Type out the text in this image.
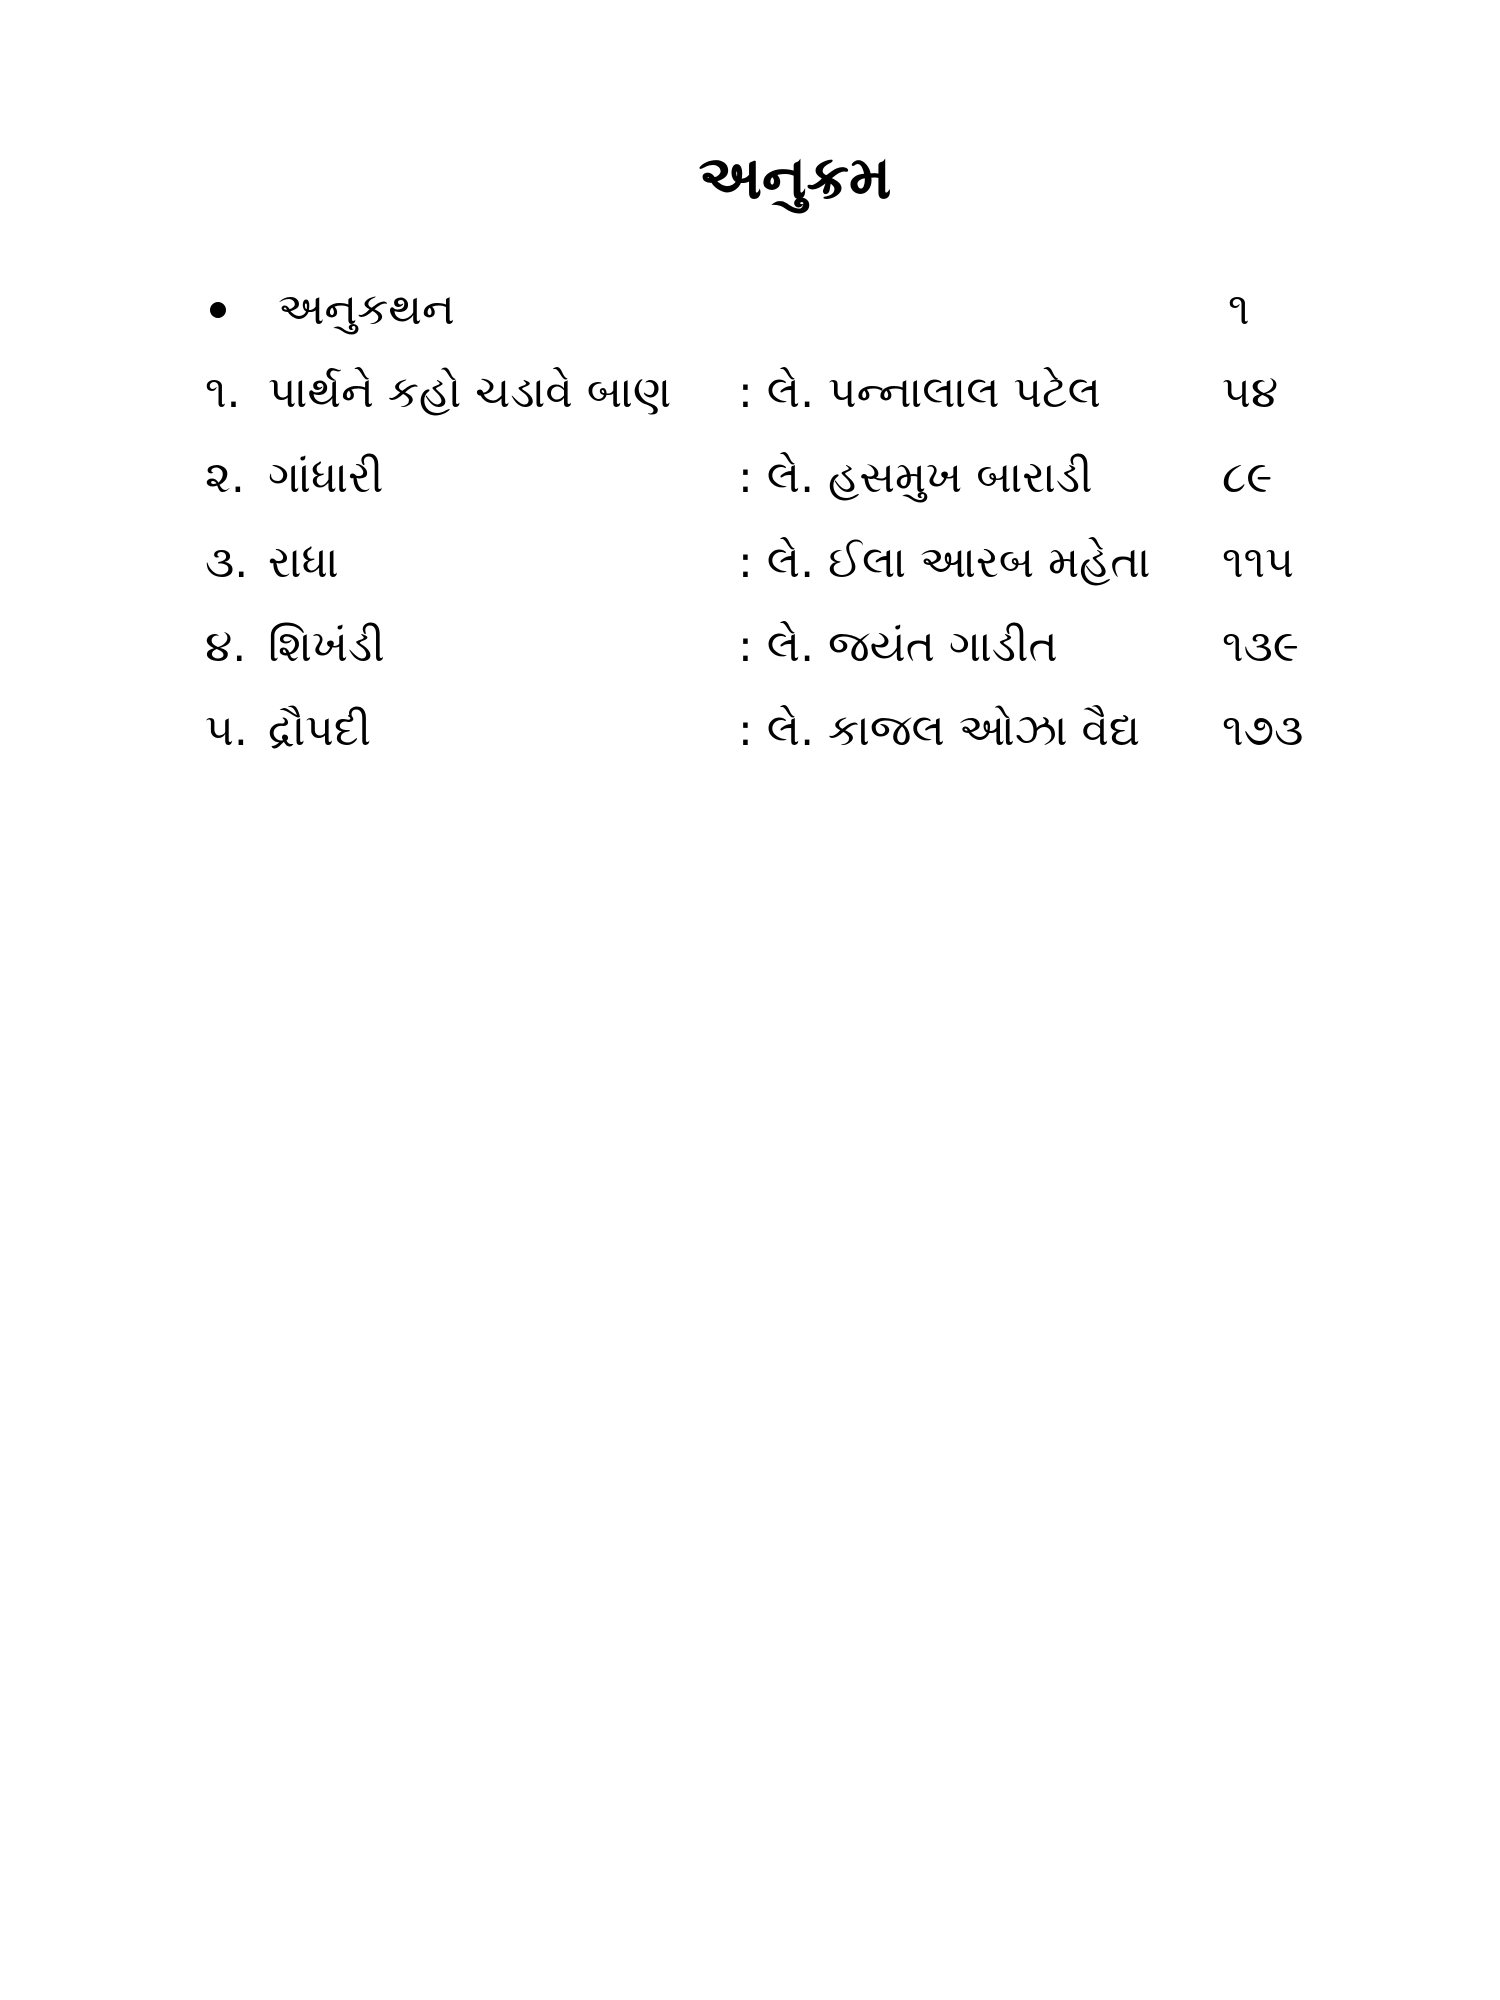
અનુક્રમ
અનુકથન	૧
૧. પાર્થને કહો ચડાવે બાણ : લે. પન્નાલાલ પટેલ	૫૪
૨. ગાંધારી	: લે. હસમુખ બારાડી	૮૯
૩. રાધા	: લે. ઈલા આરબ મહેતા ૧૧૫
૪. શિખંડી	: લે. જયંત ગાડીત	૧૩૯
૫. દ્રૌપદી	: લે. કાજલ ઓઝા વૈદ્ય ૧૭૩
